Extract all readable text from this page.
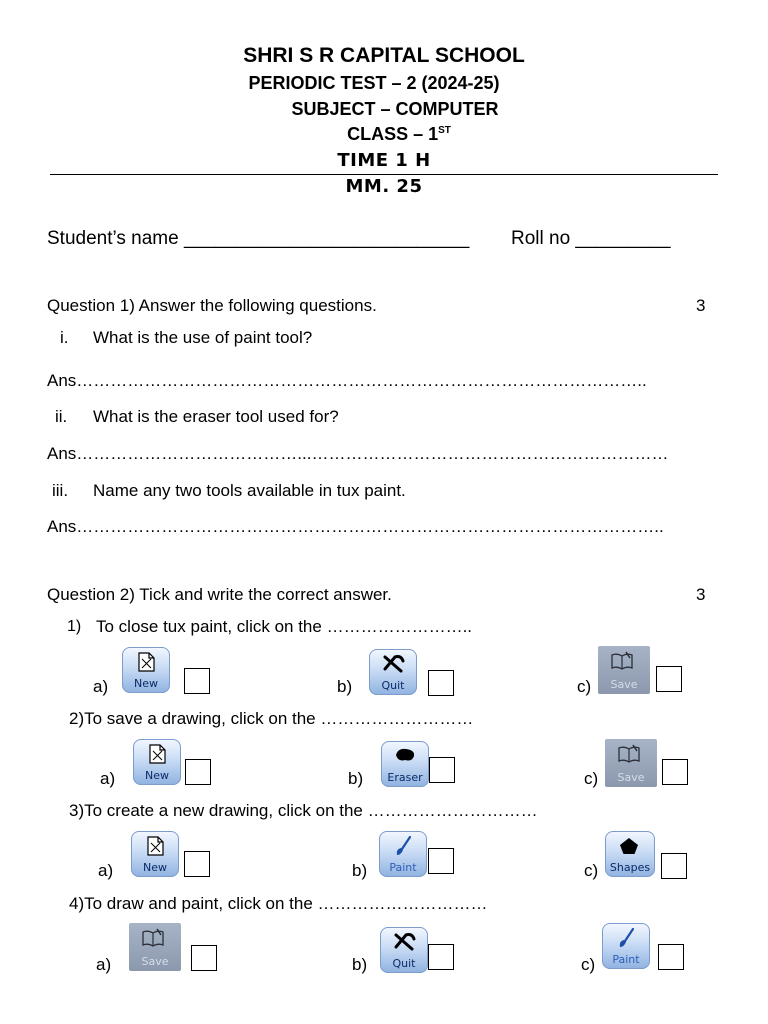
SHRI S R CAPITAL SCHOOL
PERIODIC TEST – 2 (2024-25)
SUBJECT – COMPUTER
CLASS – 1ST
TIME 1 H
MM. 25
Student’s name ___________________________ Roll no _________
Question 1) Answer the following questions.	3
i. What is the use of paint tool?
Ans………………………………………………………………………………………..
ii. What is the eraser tool used for?
Ans…………………………………...………………………………………………………
iii. Name any two tools available in tux paint.
Ans…………………………………………………………………………………………..
Question 2) Tick and write the correct answer.	3
1) To close tux paint, click on the ……………………..
a)	New	b)	Quit	c)	Save
2)To save a drawing, click on the ………………………
a)	New	b)	Eraser	c)	Save
3)To create a new drawing, click on the …………………………
a)	New	b)	Paint	c)	Shapes
4)To draw and paint, click on the …………………………
a)	Save	b)	Quit	c)	Paint
